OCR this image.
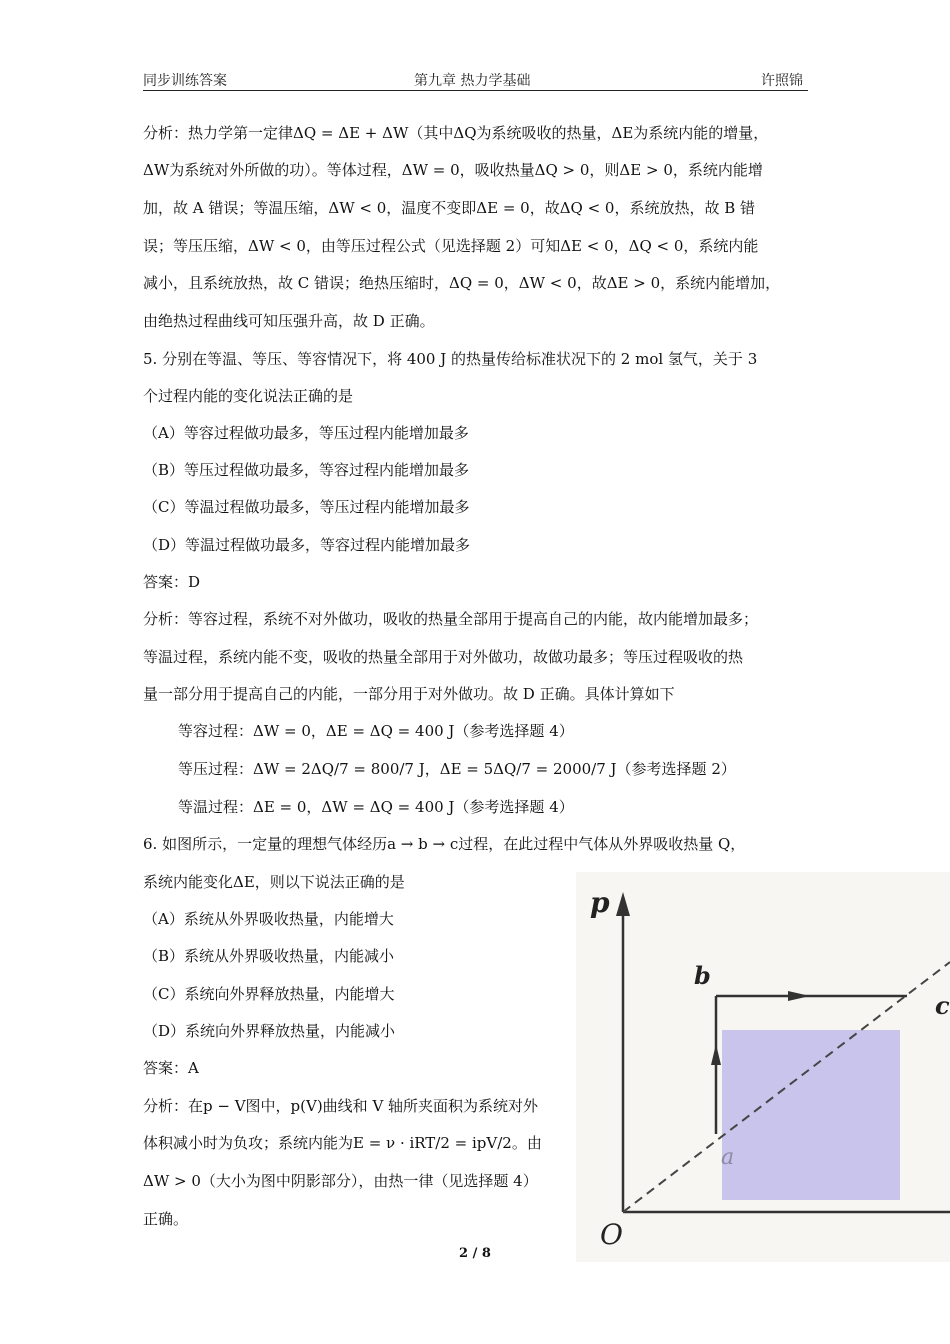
同步训练答案	第九章 热力学基础	许照锦
分析：热力学第一定律ΔQ = ΔE + ΔW（其中ΔQ为系统吸收的热量，ΔE为系统内能的增量，
ΔW为系统对外所做的功）。等体过程，ΔW = 0，吸收热量ΔQ > 0，则ΔE > 0，系统内能增
加，故 A 错误；等温压缩，ΔW < 0，温度不变即ΔE = 0，故ΔQ < 0，系统放热，故 B 错
误；等压压缩，ΔW < 0，由等压过程公式（见选择题 2）可知ΔE < 0，ΔQ < 0，系统内能
减小，且系统放热，故 C 错误；绝热压缩时，ΔQ = 0，ΔW < 0，故ΔE > 0，系统内能增加，
由绝热过程曲线可知压强升高，故 D 正确。
5. 分别在等温、等压、等容情况下，将 400 J 的热量传给标准状况下的 2 mol 氢气，关于 3
个过程内能的变化说法正确的是
（A）等容过程做功最多，等压过程内能增加最多
（B）等压过程做功最多，等容过程内能增加最多
（C）等温过程做功最多，等压过程内能增加最多
（D）等温过程做功最多，等容过程内能增加最多
答案：D
分析：等容过程，系统不对外做功，吸收的热量全部用于提高自己的内能，故内能增加最多；
等温过程，系统内能不变，吸收的热量全部用于对外做功，故做功最多；等压过程吸收的热
量一部分用于提高自己的内能，一部分用于对外做功。故 D 正确。具体计算如下
等容过程：ΔW = 0，ΔE = ΔQ = 400 J（参考选择题 4）
等压过程：ΔW = 2ΔQ/7 = 800/7 J，ΔE = 5ΔQ/7 = 2000/7 J（参考选择题 2）
等温过程：ΔE = 0，ΔW = ΔQ = 400 J（参考选择题 4）
6. 如图所示，一定量的理想气体经历a → b → c过程，在此过程中气体从外界吸收热量 Q，
系统内能变化ΔE，则以下说法正确的是
（A）系统从外界吸收热量，内能增大
（B）系统从外界吸收热量，内能减小
（C）系统向外界释放热量，内能增大
（D）系统向外界释放热量，内能减小
答案：A
分析：在p − V图中，p(V)曲线和 V 轴所夹面积为系统对外
体积减小时为负攻；系统内能为E = ν · iRT/2 = ipV/2。由
ΔW > 0（大小为图中阴影部分），由热一律（见选择题 4）
正确。
p
O
b
c
a
2 / 8
